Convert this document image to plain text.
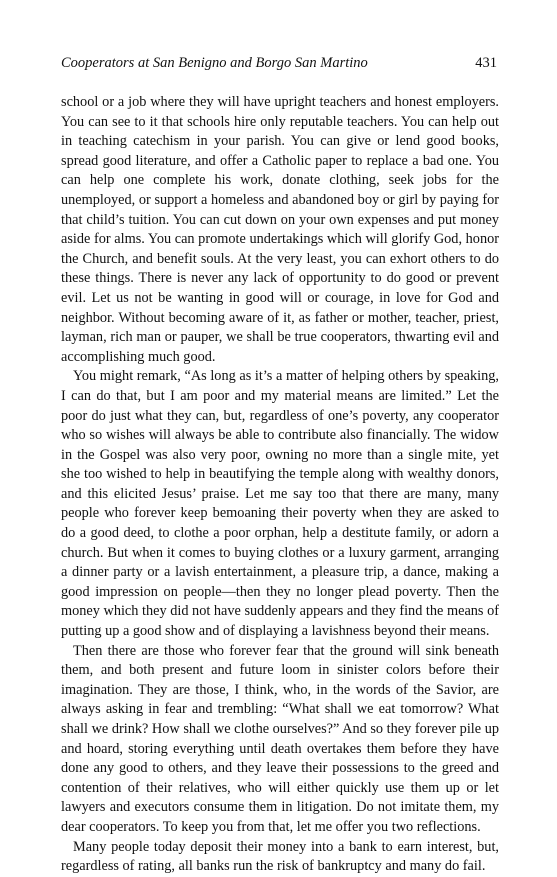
Cooperators at San Benigno and Borgo San Martino	431

school or a job where they will have upright teachers and honest employers. You can see to it that schools hire only reputable teachers. You can help out in teaching catechism in your parish. You can give or lend good books, spread good literature, and offer a Catholic paper to replace a bad one. You can help one complete his work, donate clothing, seek jobs for the unemployed, or support a homeless and abandoned boy or girl by paying for that child’s tuition. You can cut down on your own expenses and put money aside for alms. You can promote undertakings which will glorify God, honor the Church, and benefit souls. At the very least, you can exhort others to do these things. There is never any lack of opportunity to do good or prevent evil. Let us not be wanting in good will or courage, in love for God and neighbor. Without becoming aware of it, as father or mother, teacher, priest, layman, rich man or pauper, we shall be true cooperators, thwarting evil and accomplishing much good.

You might remark, “As long as it’s a matter of helping others by speaking, I can do that, but I am poor and my material means are limited.” Let the poor do just what they can, but, regardless of one’s poverty, any cooperator who so wishes will always be able to contribute also financially. The widow in the Gospel was also very poor, owning no more than a single mite, yet she too wished to help in beautifying the temple along with wealthy donors, and this elicited Jesus’ praise. Let me say too that there are many, many people who forever keep bemoaning their poverty when they are asked to do a good deed, to clothe a poor orphan, help a destitute family, or adorn a church. But when it comes to buying clothes or a luxury garment, arranging a dinner party or a lavish entertainment, a pleasure trip, a dance, making a good impression on people—then they no longer plead poverty. Then the money which they did not have suddenly appears and they find the means of putting up a good show and of displaying a lavishness beyond their means.

Then there are those who forever fear that the ground will sink beneath them, and both present and future loom in sinister colors before their imagination. They are those, I think, who, in the words of the Savior, are always asking in fear and trembling: “What shall we eat tomorrow? What shall we drink? How shall we clothe ourselves?” And so they forever pile up and hoard, storing everything until death overtakes them before they have done any good to others, and they leave their possessions to the greed and contention of their relatives, who will either quickly use them up or let lawyers and executors consume them in litigation. Do not imitate them, my dear cooperators. To keep you from that, let me offer you two reflections.

Many people today deposit their money into a bank to earn interest, but, regardless of rating, all banks run the risk of bankruptcy and many do fail.
